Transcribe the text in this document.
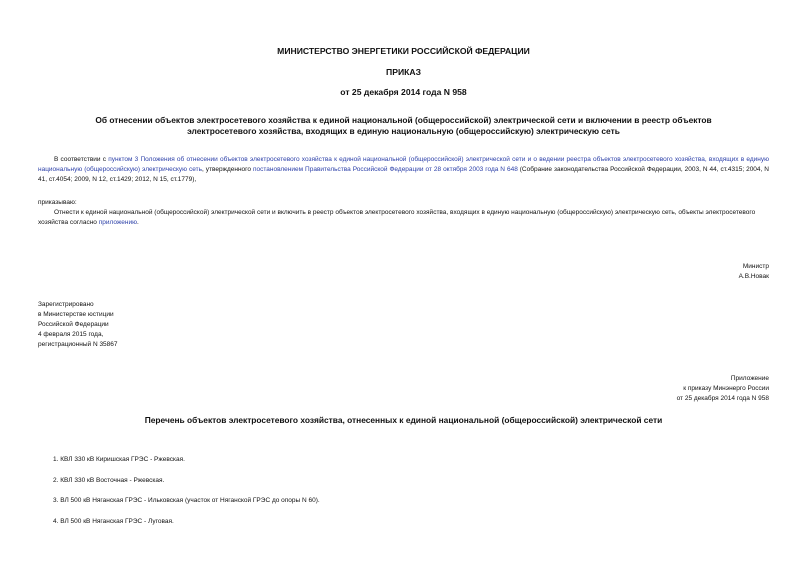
МИНИСТЕРСТВО ЭНЕРГЕТИКИ РОССИЙСКОЙ ФЕДЕРАЦИИ
ПРИКАЗ
от 25 декабря 2014 года N 958
Об отнесении объектов электросетевого хозяйства к единой национальной (общероссийской) электрической сети и включении в реестр объектов
электросетевого хозяйства, входящих в единую национальную (общероссийскую) электрическую сеть
В соответствии с пунктом 3 Положения об отнесении объектов электросетевого хозяйства к единой национальной (общероссийской) электрической сети и о ведении реестра объектов электросетевого хозяйства, входящих в единую национальную (общероссийскую) электрическую сеть, утвержденного постановлением Правительства Российской Федерации от 28 октября 2003 года N 648 (Собрание законодательства Российской Федерации, 2003, N 44, ст.4315; 2004, N 41, ст.4054; 2009, N 12, ст.1429; 2012, N 15, ст.1779),
приказываю:
Отнести к единой национальной (общероссийской) электрической сети и включить в реестр объектов электросетевого хозяйства, входящих в единую национальную (общероссийскую) электрическую сеть, объекты электросетевого хозяйства согласно приложению.
Министр
А.В.Новак
Зарегистрировано
в Министерстве юстиции
Российской Федерации
4 февраля 2015 года,
регистрационный N 35867
Приложение
к приказу Минэнерго России
от 25 декабря 2014 года N 958
Перечень объектов электросетевого хозяйства, отнесенных к единой национальной (общероссийской) электрической сети
1. КВЛ 330 кВ Киришская ГРЭС - Ржевская.
2. КВЛ 330 кВ Восточная - Ржевская.
3. ВЛ 500 кВ Няганская ГРЭС - Ильковская (участок от Няганской ГРЭС до опоры N 60).
4. ВЛ 500 кВ Няганская ГРЭС - Луговая.
